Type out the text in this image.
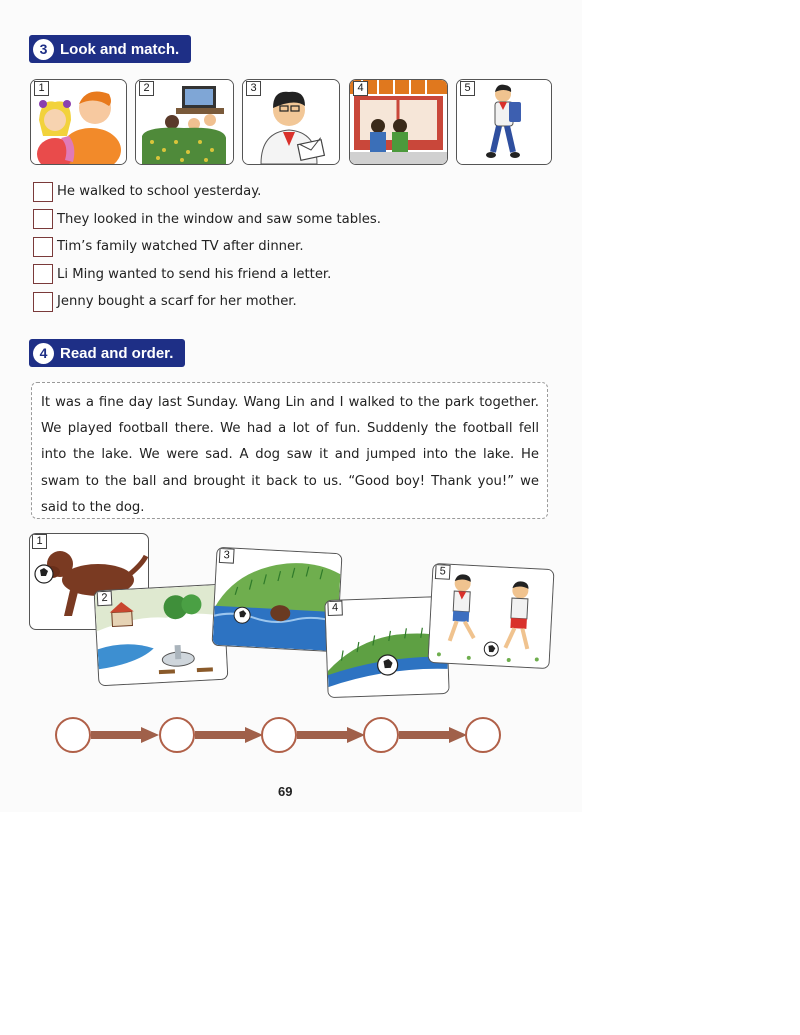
3 Look and match.
1	2	3	4	5
He walked to school yesterday.
They looked in the window and saw some tables.
Tim’s family watched TV after dinner.
Li Ming wanted to send his friend a letter.
Jenny bought a scarf for her mother.
4 Read and order.
It was a fine day last Sunday. Wang Lin and I walked to the park together. We played football there. We had a lot of fun. Suddenly the football fell into the lake. We were sad. A dog saw it and jumped into the lake. He swam to the ball and brought it back to us. “Good boy! Thank you!” we said to the dog.
1
2
3
4
5
69
